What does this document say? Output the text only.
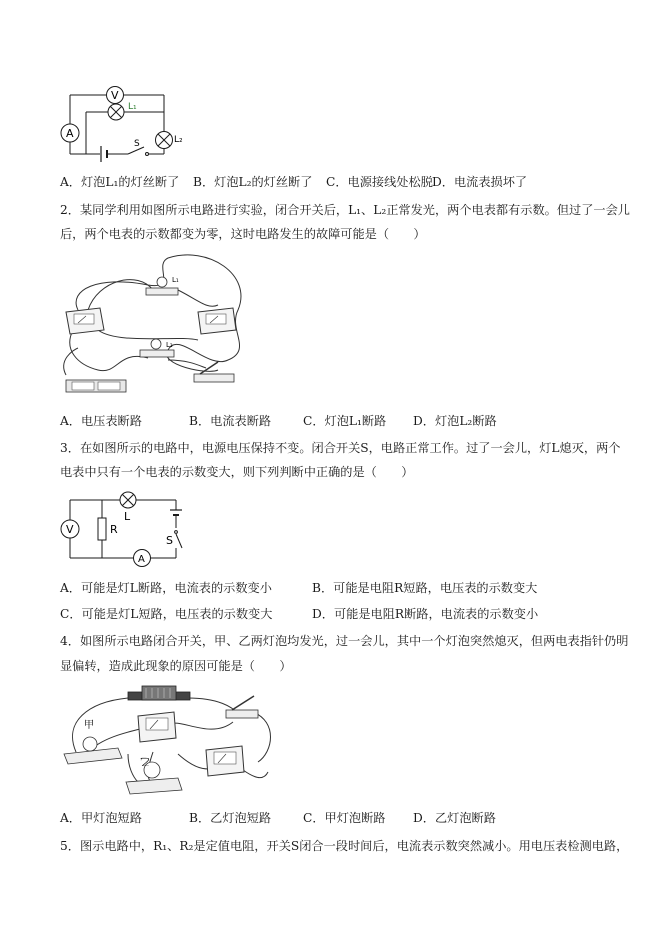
V
L₁
A	L₂
S
A．灯泡L₁的灯丝断了 B．灯泡L₂的灯丝断了 C．电源接线处松脱 D．电流表损坏了
2．某同学利用如图所示电路进行实验，闭合开关后，L₁、L₂正常发光，两个电表都有示数。但过了一会儿
后，两个电表的示数都变为零，这时电路发生的故障可能是（　　）
L₁
L₂
A．电压表断路	B．电流表断路	C．灯泡L₁断路 D．灯泡L₂断路
3．在如图所示的电路中，电源电压保持不变。闭合开关S，电路正常工作。过了一会儿，灯L熄灭，两个
电表中只有一个电表的示数变大，则下列判断中正确的是（　　）
V	R
L
A
S
A．可能是灯L断路，电流表的示数变小	B．可能是电阻R短路，电压表的示数变大
C．可能是灯L短路，电压表的示数变大	D．可能是电阻R断路，电流表的示数变小
4．如图所示电路闭合开关，甲、乙两灯泡均发光，过一会儿，其中一个灯泡突然熄灭，但两电表指针仍明
显偏转，造成此现象的原因可能是（　　）
甲
乙
A．甲灯泡短路	B．乙灯泡短路	C．甲灯泡断路 D．乙灯泡断路
5．图示电路中，R₁、R₂是定值电阻，开关S闭合一段时间后，电流表示数突然减小。用电压表检测电路，
